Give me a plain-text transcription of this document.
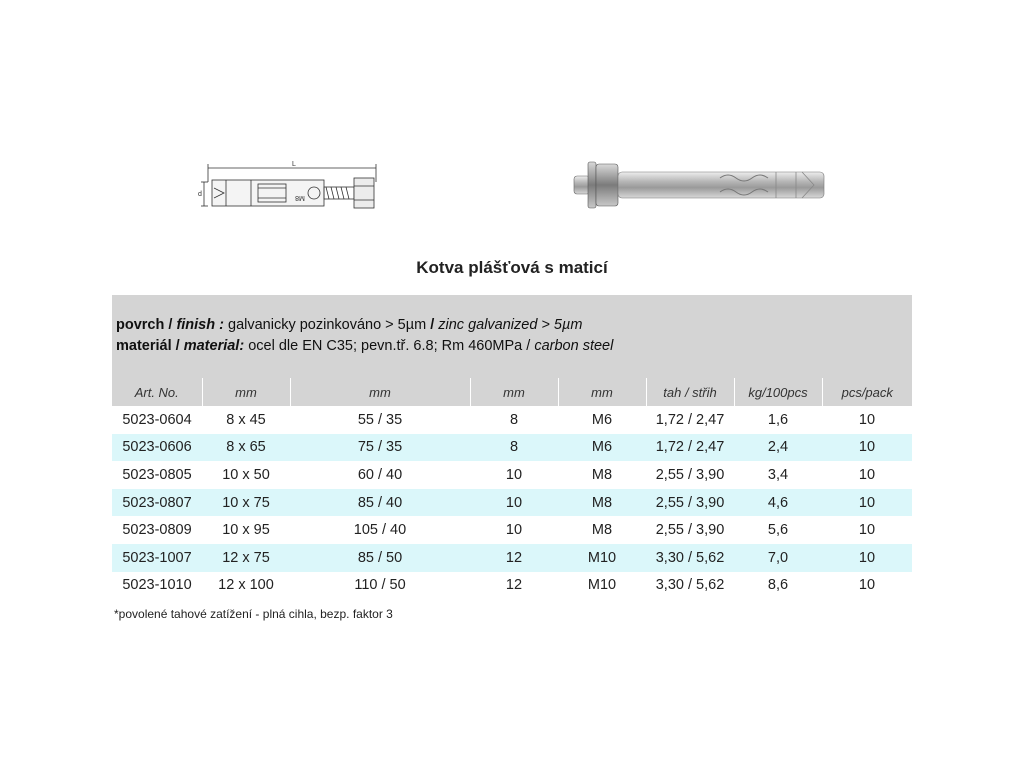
L
d	M8
Kotva plášťová s maticí
povrch / finish : galvanicky pozinkováno > 5µm / zinc galvanized > 5µm
materiál / material: ocel dle EN C35; pevn.tř. 6.8; Rm 460MPa / carbon steel
Art. No.	mm	mm	mm	mm	tah / střih	kg/100pcs	pcs/pack
5023-0604	8 x 45	55 / 35	8	M6	1,72 / 2,47	1,6	10
5023-0606	8 x 65	75 / 35	8	M6	1,72 / 2,47	2,4	10
5023-0805	10 x 50	60 / 40	10	M8	2,55 / 3,90	3,4	10
5023-0807	10 x 75	85 / 40	10	M8	2,55 / 3,90	4,6	10
5023-0809	10 x 95	105 / 40	10	M8	2,55 / 3,90	5,6	10
5023-1007	12 x 75	85 / 50	12	M10	3,30 / 5,62	7,0	10
5023-1010	12 x 100	110 / 50	12	M10	3,30 / 5,62	8,6	10
*povolené tahové zatížení - plná cihla, bezp. faktor 3
